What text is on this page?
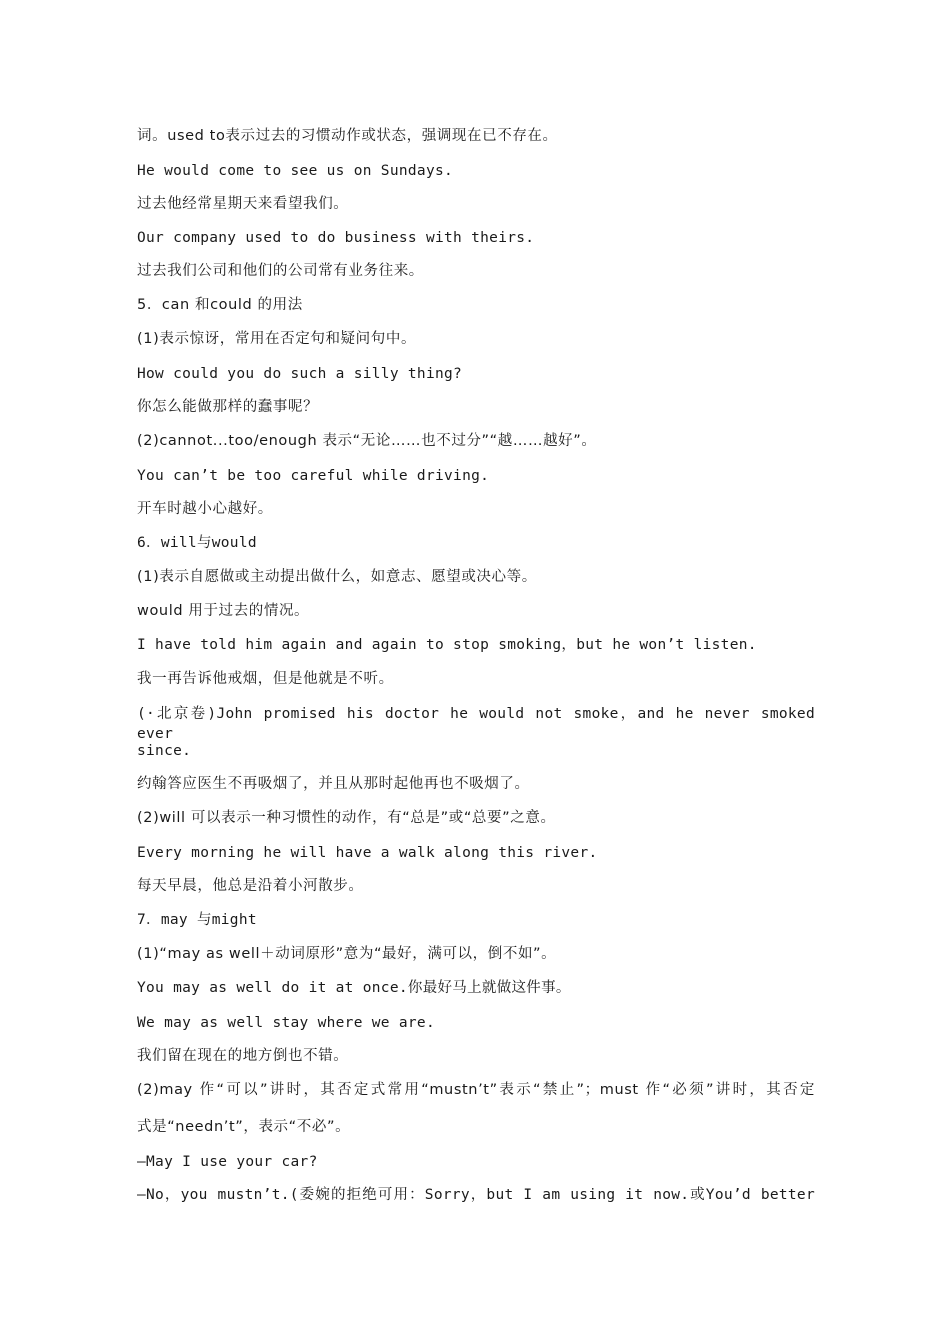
词。used to表示过去的习惯动作或状态，强调现在已不存在。
He would come to see us on Sundays.
过去他经常星期天来看望我们。
Our company used to do business with theirs.
过去我们公司和他们的公司常有业务往来。
5．can 和could 的用法
(1)表示惊讶，常用在否定句和疑问句中。
How could you do such a silly thing?
你怎么能做那样的蠢事呢？
(2)cannot...too/enough 表示“无论……也不过分”“越……越好”。
You can’t be too careful while driving.
开车时越小心越好。
6．will与would
(1)表示自愿做或主动提出做什么，如意志、愿望或决心等。
would 用于过去的情况。
I have told him again and again to stop smoking，but he won’t listen.
我一再告诉他戒烟，但是他就是不听。
(·北京卷)John promised his doctor he would not smoke，and he never smoked ever
since.
约翰答应医生不再吸烟了，并且从那时起他再也不吸烟了。
(2)will 可以表示一种习惯性的动作，有“总是”或“总要”之意。
Every morning he will have a walk along this river.
每天早晨，他总是沿着小河散步。
7．may 与might
(1)“may as well＋动词原形”意为“最好，满可以，倒不如”。
You may as well do it at once.你最好马上就做这件事。
We may as well stay where we are.
我们留在现在的地方倒也不错。
(2)may 作“可以”讲时，其否定式常用“mustn’t”表示“禁止”；must 作“必须”讲时，其否定
式是“needn’t”，表示“不必”。
—May I use your car?
—No，you mustn’t.(委婉的拒绝可用：Sorry，but I am using it now.或You’d better
